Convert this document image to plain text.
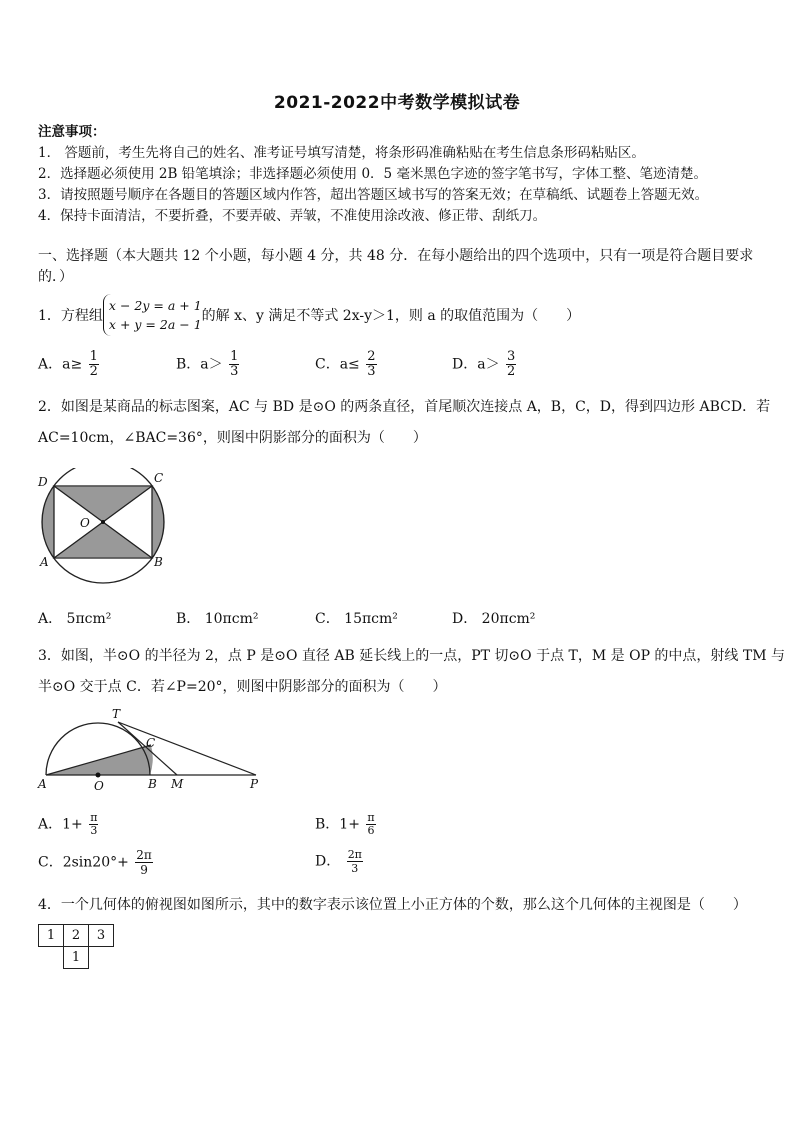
2021-2022中考数学模拟试卷
注意事项：
1． 答题前，考生先将自己的姓名、准考证号填写清楚，将条形码准确粘贴在考生信息条形码粘贴区。
2．选择题必须使用 2B 铅笔填涂；非选择题必须使用 0．5 毫米黑色字迹的签字笔书写，字体工整、笔迹清楚。
3．请按照题号顺序在各题目的答题区域内作答，超出答题区域书写的答案无效；在草稿纸、试题卷上答题无效。
4．保持卡面清洁，不要折叠，不要弄破、弄皱，不准使用涂改液、修正带、刮纸刀。
一、选择题（本大题共 12 个小题，每小题 4 分，共 48 分．在每小题给出的四个选项中，只有一项是符合题目要求
的．）
1．方程组
x − 2y = a + 1
x + y = 2a − 1
的解 x、y 满足不等式 2x-y＞1，则 a 的取值范围为（　　）
A．$a\ge \frac{1}{2}$	B．$a> \frac{1}{3}$	C．$a\le \frac{2}{3}$	D．$a> \frac{3}{2}$
2．如图是某商品的标志图案，AC 与 BD 是⊙O 的两条直径，首尾顺次连接点 A，B，C，D，得到四边形 ABCD．若
AC=10cm，∠BAC=36°，则图中阴影部分的面积为（　　）
D	C
O
A	B
A． 5πcm²	B． 10πcm²	C． 15πcm²	D． 20πcm²
3．如图，半⊙O 的半径为 2，点 P 是⊙O 直径 AB 延长线上的一点，PT 切⊙O 于点 T，M 是 OP 的中点，射线 TM 与
半⊙O 交于点 C．若∠P=20°，则图中阴影部分的面积为（　　）
T
C
A	O	B M	P
A．$1+ \frac{\pi}{3}$	B．$1+ \frac{\pi}{6}$
C．$2\sin 20^\circ+ \frac{2\pi}{9}$	D． $\frac{2\pi}{3}$
4．一个几何体的俯视图如图所示，其中的数字表示该位置上小正方体的个数，那么这个几何体的主视图是（　　）
1	2	3
	1	
